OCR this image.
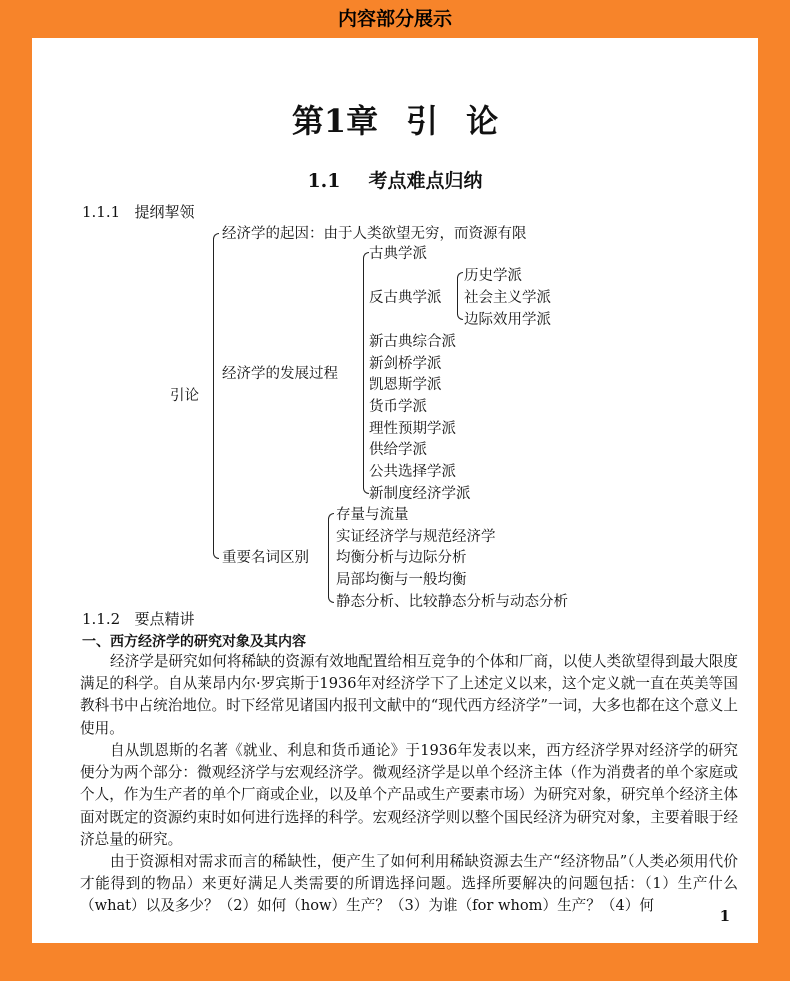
内容部分展示
第1章 引 论
1.1 考点难点归纳
1.1.1 提纲挈领
引论
经济学的起因：由于人类欲望无穷，而资源有限
经济学的发展过程
古典学派
反古典学派
历史学派
社会主义学派
边际效用学派
新古典综合派
新剑桥学派
凯恩斯学派
货币学派
理性预期学派
供给学派
公共选择学派
新制度经济学派
重要名词区别
存量与流量
实证经济学与规范经济学
均衡分析与边际分析
局部均衡与一般均衡
静态分析、比较静态分析与动态分析
1.1.2 要点精讲
一、西方经济学的研究对象及其内容
经济学是研究如何将稀缺的资源有效地配置给相互竞争的个体和厂商，以使人类欲望得到最大限度满足的科学。自从莱昂内尔·罗宾斯于1936年对经济学下了上述定义以来，这个定义就一直在英美等国教科书中占统治地位。时下经常见诸国内报刊文献中的“现代西方经济学”一词，大多也都在这个意义上使用。
自从凯恩斯的名著《就业、利息和货币通论》于1936年发表以来，西方经济学界对经济学的研究便分为两个部分：微观经济学与宏观经济学。微观经济学是以单个经济主体（作为消费者的单个家庭或个人，作为生产者的单个厂商或企业，以及单个产品或生产要素市场）为研究对象，研究单个经济主体面对既定的资源约束时如何进行选择的科学。宏观经济学则以整个国民经济为研究对象，主要着眼于经济总量的研究。
由于资源相对需求而言的稀缺性，便产生了如何利用稀缺资源去生产“经济物品”（人类必须用代价才能得到的物品）来更好满足人类需要的所谓选择问题。选择所要解决的问题包括：（1）生产什么（what）以及多少？（2）如何（how）生产？（3）为谁（for whom）生产？（4）何
1
